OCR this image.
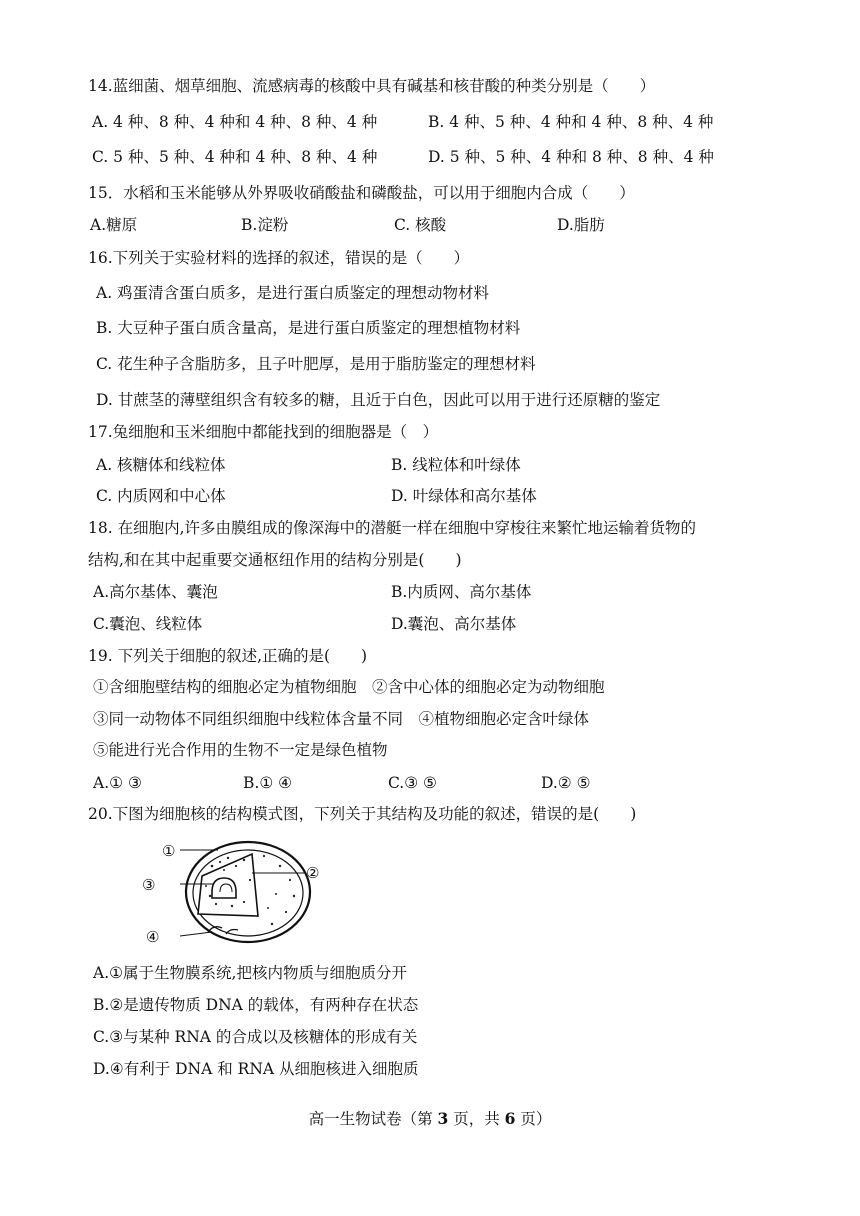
14.蓝细菌、烟草细胞、流感病毒的核酸中具有碱基和核苷酸的种类分别是（　　）
A. 4 种、8 种、4 种和 4 种、8 种、4 种	B. 4 种、5 种、4 种和 4 种、8 种、4 种
C. 5 种、5 种、4 种和 4 种、8 种、4 种	D. 5 种、5 种、4 种和 8 种、8 种、4 种
15．水稻和玉米能够从外界吸收硝酸盐和磷酸盐，可以用于细胞内合成（　　）
A.糖原	B.淀粉	C. 核酸	D.脂肪
16.下列关于实验材料的选择的叙述，错误的是（　　）
A. 鸡蛋清含蛋白质多，是进行蛋白质鉴定的理想动物材料
B. 大豆种子蛋白质含量高，是进行蛋白质鉴定的理想植物材料
C. 花生种子含脂肪多，且子叶肥厚，是用于脂肪鉴定的理想材料
D. 甘蔗茎的薄壁组织含有较多的糖，且近于白色，因此可以用于进行还原糖的鉴定
17.兔细胞和玉米细胞中都能找到的细胞器是（　）
A. 核糖体和线粒体	B. 线粒体和叶绿体
C. 内质网和中心体	D. 叶绿体和高尔基体
18. 在细胞内,许多由膜组成的像深海中的潜艇一样在细胞中穿梭往来繁忙地运输着货物的
结构,和在其中起重要交通枢纽作用的结构分别是(　　)
A.高尔基体、囊泡	B.内质网、高尔基体
C.囊泡、线粒体	D.囊泡、高尔基体
19. 下列关于细胞的叙述,正确的是(　　)
①含细胞壁结构的细胞必定为植物细胞　②含中心体的细胞必定为动物细胞
③同一动物体不同组织细胞中线粒体含量不同　④植物细胞必定含叶绿体
⑤能进行光合作用的生物不一定是绿色植物
A.① ③	B.① ④	C.③ ⑤	D.② ⑤
20.下图为细胞核的结构模式图，下列关于其结构及功能的叙述，错误的是(　　)
①
②
③
④
A.①属于生物膜系统,把核内物质与细胞质分开
B.②是遗传物质 DNA 的载体，有两种存在状态
C.③与某种 RNA 的合成以及核糖体的形成有关
D.④有利于 DNA 和 RNA 从细胞核进入细胞质
高一生物试卷（第 3 页，共 6 页）
